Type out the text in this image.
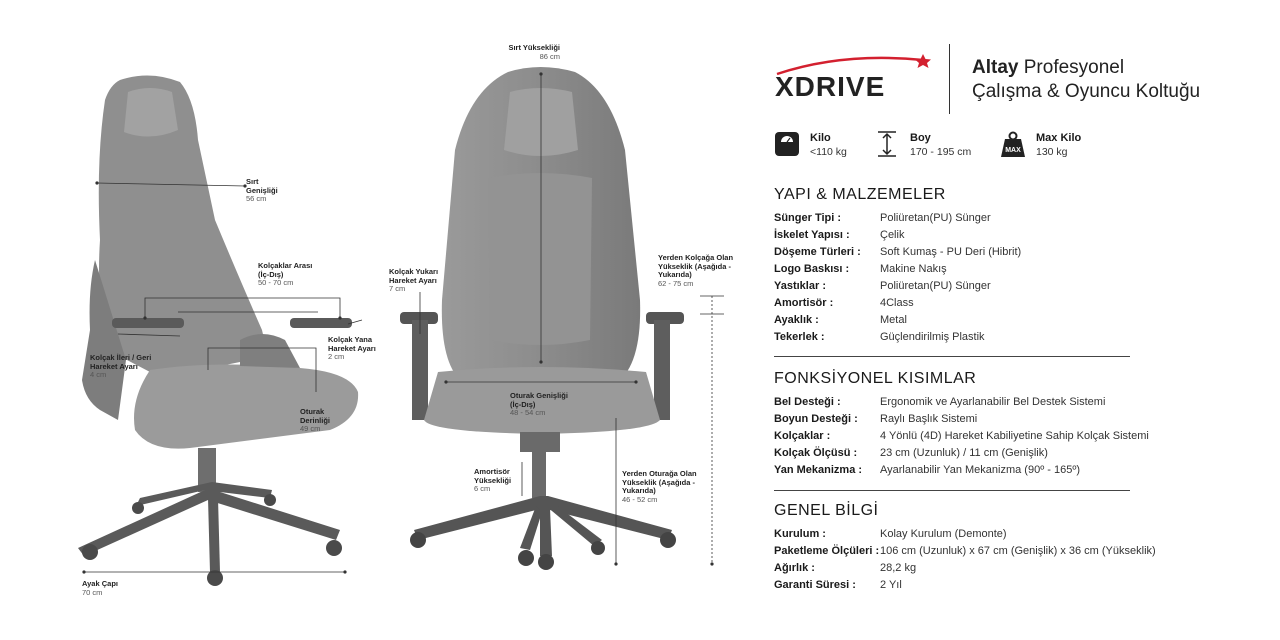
Sırt Yüksekliği
86 cm
Sırt Genişliği
56 cm
Kolçaklar Arası (İç-Dış)
50 - 70 cm
Kolçak Yana Hareket Ayarı
2 cm
Kolçak İleri / Geri Hareket Ayarı
4 cm
Oturak Derinliği
49 cm
Ayak Çapı
70 cm
Kolçak Yukarı Hareket Ayarı
7 cm
Yerden Kolçağa Olan Yükseklik (Aşağıda - Yukarıda)
62 - 75 cm
Oturak Genişliği (İç-Dış)
48 - 54 cm
Amortisör Yüksekliği
6 cm
Yerden Oturağa Olan Yükseklik (Aşağıda - Yukarıda)
46 - 52 cm
XDRIVE
Altay Profesyonel
Çalışma & Oyuncu Koltuğu
Kilo
<110 kg
Boy
170 - 195 cm	MAX
Max Kilo
130 kg
YAPI & MALZEMELER
Sünger Tipi :	Poliüretan(PU) Sünger
İskelet Yapısı :	Çelik
Döşeme Türleri : Soft Kumaş - PU Deri (Hibrit)
Logo Baskısı :	Makine Nakış
Yastıklar :	Poliüretan(PU) Sünger
Amortisör :	4Class
Ayaklık :	Metal
Tekerlek :	Güçlendirilmiş Plastik
FONKSİYONEL KISIMLAR
Bel Desteği :	Ergonomik ve Ayarlanabilir Bel Destek Sistemi
Boyun Desteği : Raylı Başlık Sistemi
Kolçaklar :	4 Yönlü (4D) Hareket Kabiliyetine Sahip Kolçak Sistemi
Kolçak Ölçüsü : 23 cm (Uzunluk) / 11 cm (Genişlik)
Yan Mekanizma : Ayarlanabilir Yan Mekanizma (90º - 165º)
GENEL BİLGİ
Kurulum :	Kolay Kurulum (Demonte)
Paketleme Ölçüleri : 106 cm (Uzunluk) x 67 cm (Genişlik) x 36 cm (Yükseklik)
Ağırlık :	28,2 kg
Garanti Süresi : 2 Yıl
